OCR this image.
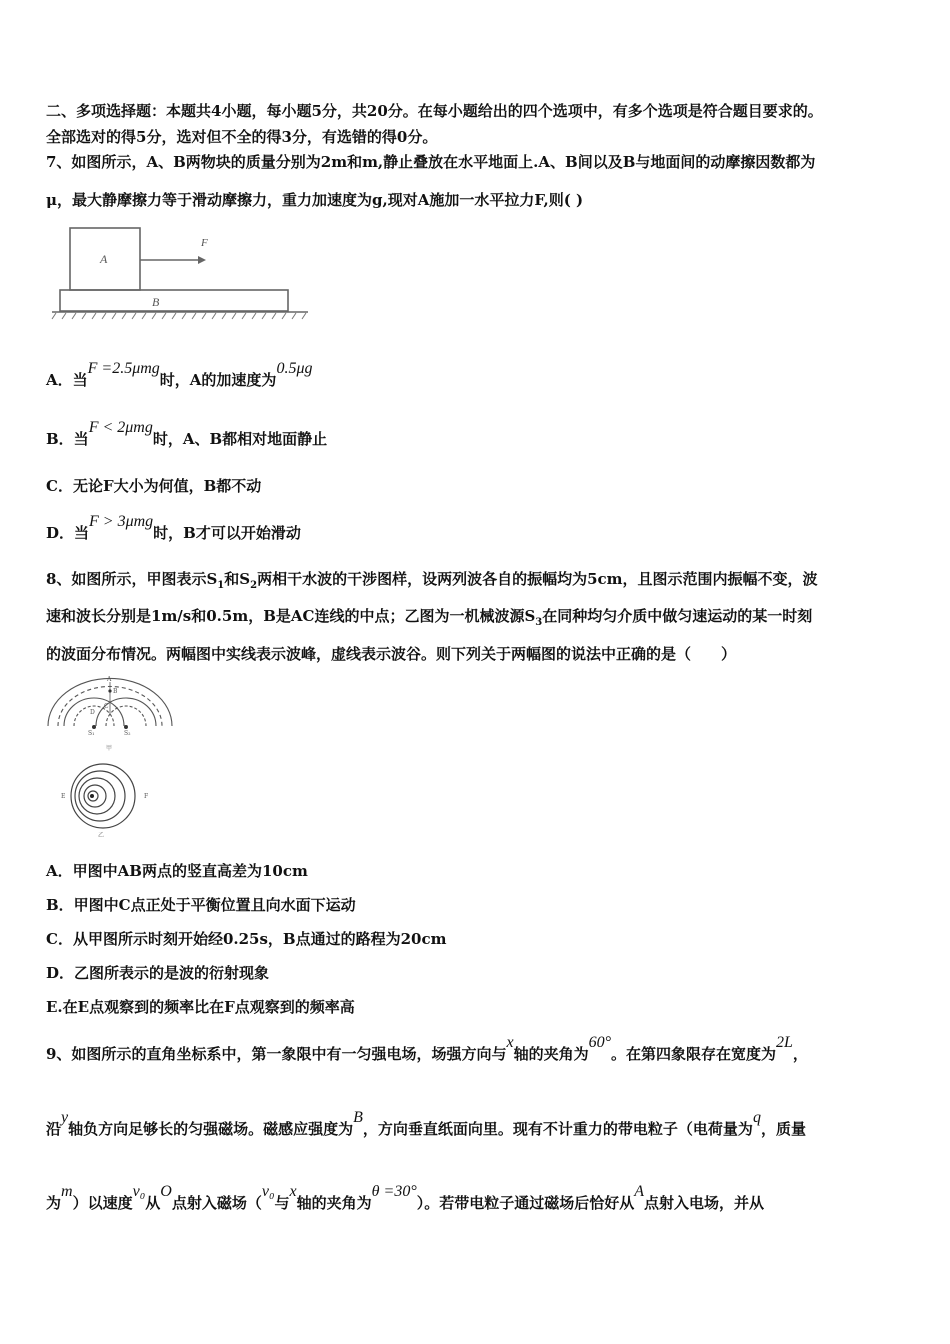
二、多项选择题：本题共4小题，每小题5分，共20分。在每小题给出的四个选项中，有多个选项是符合题目要求的。
全部选对的得5分，选对但不全的得3分，有选错的得0分。
7、如图所示，A、B两物块的质量分别为2m和m,静止叠放在水平地面上.A、B间以及B与地面间的动摩擦因数都为
μ，最大静摩擦力等于滑动摩擦力，重力加速度为g,现对A施加一水平拉力F,则( )
A
F
B
A．当F =2.5μmg时，A的加速度为0.5μg
B．当F < 2μmg时，A、B都相对地面静止
C．无论F大小为何值，B都不动
D．当F > 3μmg时，B才可以开始滑动
8、如图所示，甲图表示$S_1$和$S_2$两相干水波的干涉图样，设两列波各自的振幅均为5cm，且图示范围内振幅不变，波
速和波长分别是1m/s和0.5m，B是AC连线的中点；乙图为一机械波源$S_3$在同种均匀介质中做匀速运动的某一时刻
的波面分布情况。两幅图中实线表示波峰，虚线表示波谷。则下列关于两幅图的说法中正确的是（　　）
A
B
C
D
S₁	S₂
甲
E	F
乙
A．甲图中AB两点的竖直高差为10cm
B．甲图中C点正处于平衡位置且向水面下运动
C．从甲图所示时刻开始经0.25s，B点通过的路程为20cm
D．乙图所表示的是波的衍射现象
E.在E点观察到的频率比在F点观察到的频率高
9、如图所示的直角坐标系中，第一象限中有一匀强电场，场强方向与x轴的夹角为60°。在第四象限存在宽度为2L，
沿y轴负方向足够长的匀强磁场。磁感应强度为B，方向垂直纸面向里。现有不计重力的带电粒子（电荷量为q，质量
为m）以速度v₀从O点射入磁场（v₀与x轴的夹角为θ =30°）。若带电粒子通过磁场后恰好从A点射入电场，并从
